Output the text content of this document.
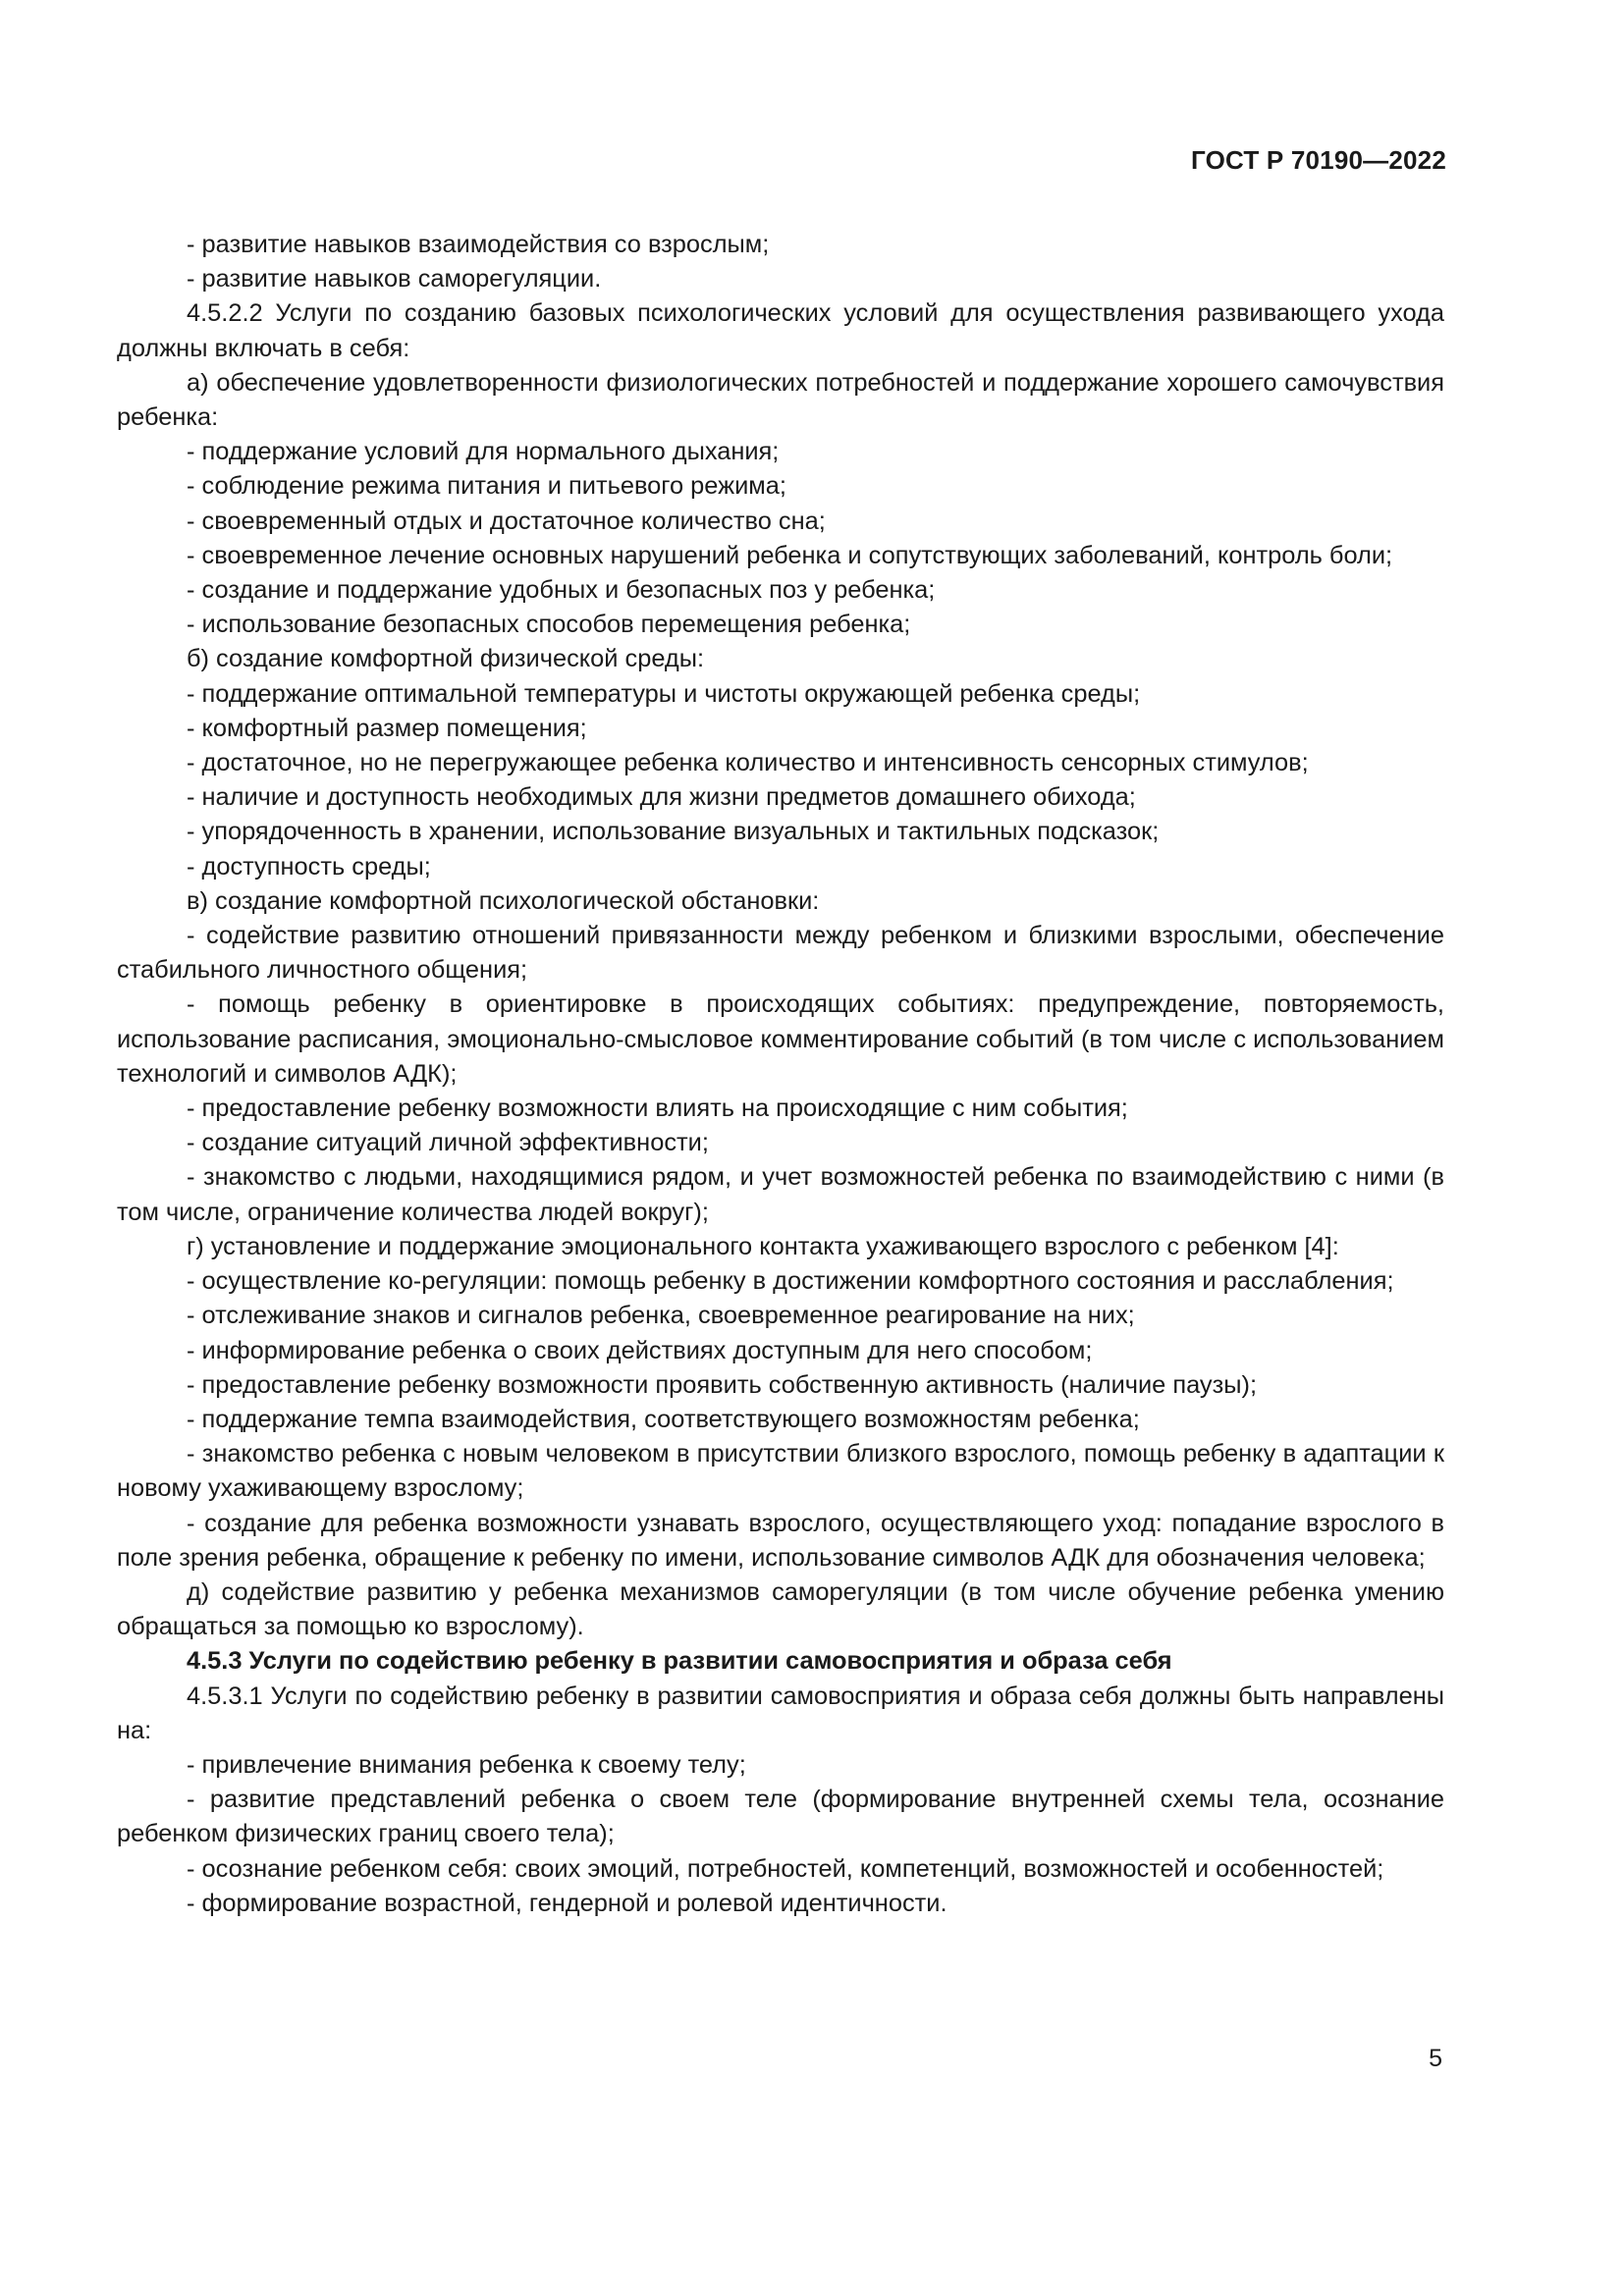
ГОСТ Р 70190—2022

- развитие навыков взаимодействия со взрослым;

- развитие навыков саморегуляции.

4.5.2.2 Услуги по созданию базовых психологических условий для осуществления развивающего ухода должны включать в себя:

а) обеспечение удовлетворенности физиологических потребностей и поддержание хорошего самочувствия ребенка:

- поддержание условий для нормального дыхания;

- соблюдение режима питания и питьевого режима;

- своевременный отдых и достаточное количество сна;

- своевременное лечение основных нарушений ребенка и сопутствующих заболеваний, контроль боли;

- создание и поддержание удобных и безопасных поз у ребенка;

- использование безопасных способов перемещения ребенка;

б) создание комфортной физической среды:

- поддержание оптимальной температуры и чистоты окружающей ребенка среды;

- комфортный размер помещения;

- достаточное, но не перегружающее ребенка количество и интенсивность сенсорных стимулов;

- наличие и доступность необходимых для жизни предметов домашнего обихода;

- упорядоченность в хранении, использование визуальных и тактильных подсказок;

- доступность среды;

в) создание комфортной психологической обстановки:

- содействие развитию отношений привязанности между ребенком и близкими взрослыми, обеспечение стабильного личностного общения;

- помощь ребенку в ориентировке в происходящих событиях: предупреждение, повторяемость, использование расписания, эмоционально-смысловое комментирование событий (в том числе с использованием технологий и символов АДК);

- предоставление ребенку возможности влиять на происходящие с ним события;

- создание ситуаций личной эффективности;

- знакомство с людьми, находящимися рядом, и учет возможностей ребенка по взаимодействию с ними (в том числе, ограничение количества людей вокруг);

г) установление и поддержание эмоционального контакта ухаживающего взрослого с ребенком [4]:

- осуществление ко-регуляции: помощь ребенку в достижении комфортного состояния и расслабления;

- отслеживание знаков и сигналов ребенка, своевременное реагирование на них;

- информирование ребенка о своих действиях доступным для него способом;

- предоставление ребенку возможности проявить собственную активность (наличие паузы);

- поддержание темпа взаимодействия, соответствующего возможностям ребенка;

- знакомство ребенка с новым человеком в присутствии близкого взрослого, помощь ребенку в адаптации к новому ухаживающему взрослому;

- создание для ребенка возможности узнавать взрослого, осуществляющего уход: попадание взрослого в поле зрения ребенка, обращение к ребенку по имени, использование символов АДК для обозначения человека;

д) содействие развитию у ребенка механизмов саморегуляции (в том числе обучение ребенка умению обращаться за помощью ко взрослому).

4.5.3 Услуги по содействию ребенку в развитии самовосприятия и образа себя

4.5.3.1 Услуги по содействию ребенку в развитии самовосприятия и образа себя должны быть направлены на:

- привлечение внимания ребенка к своему телу;

- развитие представлений ребенка о своем теле (формирование внутренней схемы тела, осознание ребенком физических границ своего тела);

- осознание ребенком себя: своих эмоций, потребностей, компетенций, возможностей и особенностей;

- формирование возрастной, гендерной и ролевой идентичности.

5
